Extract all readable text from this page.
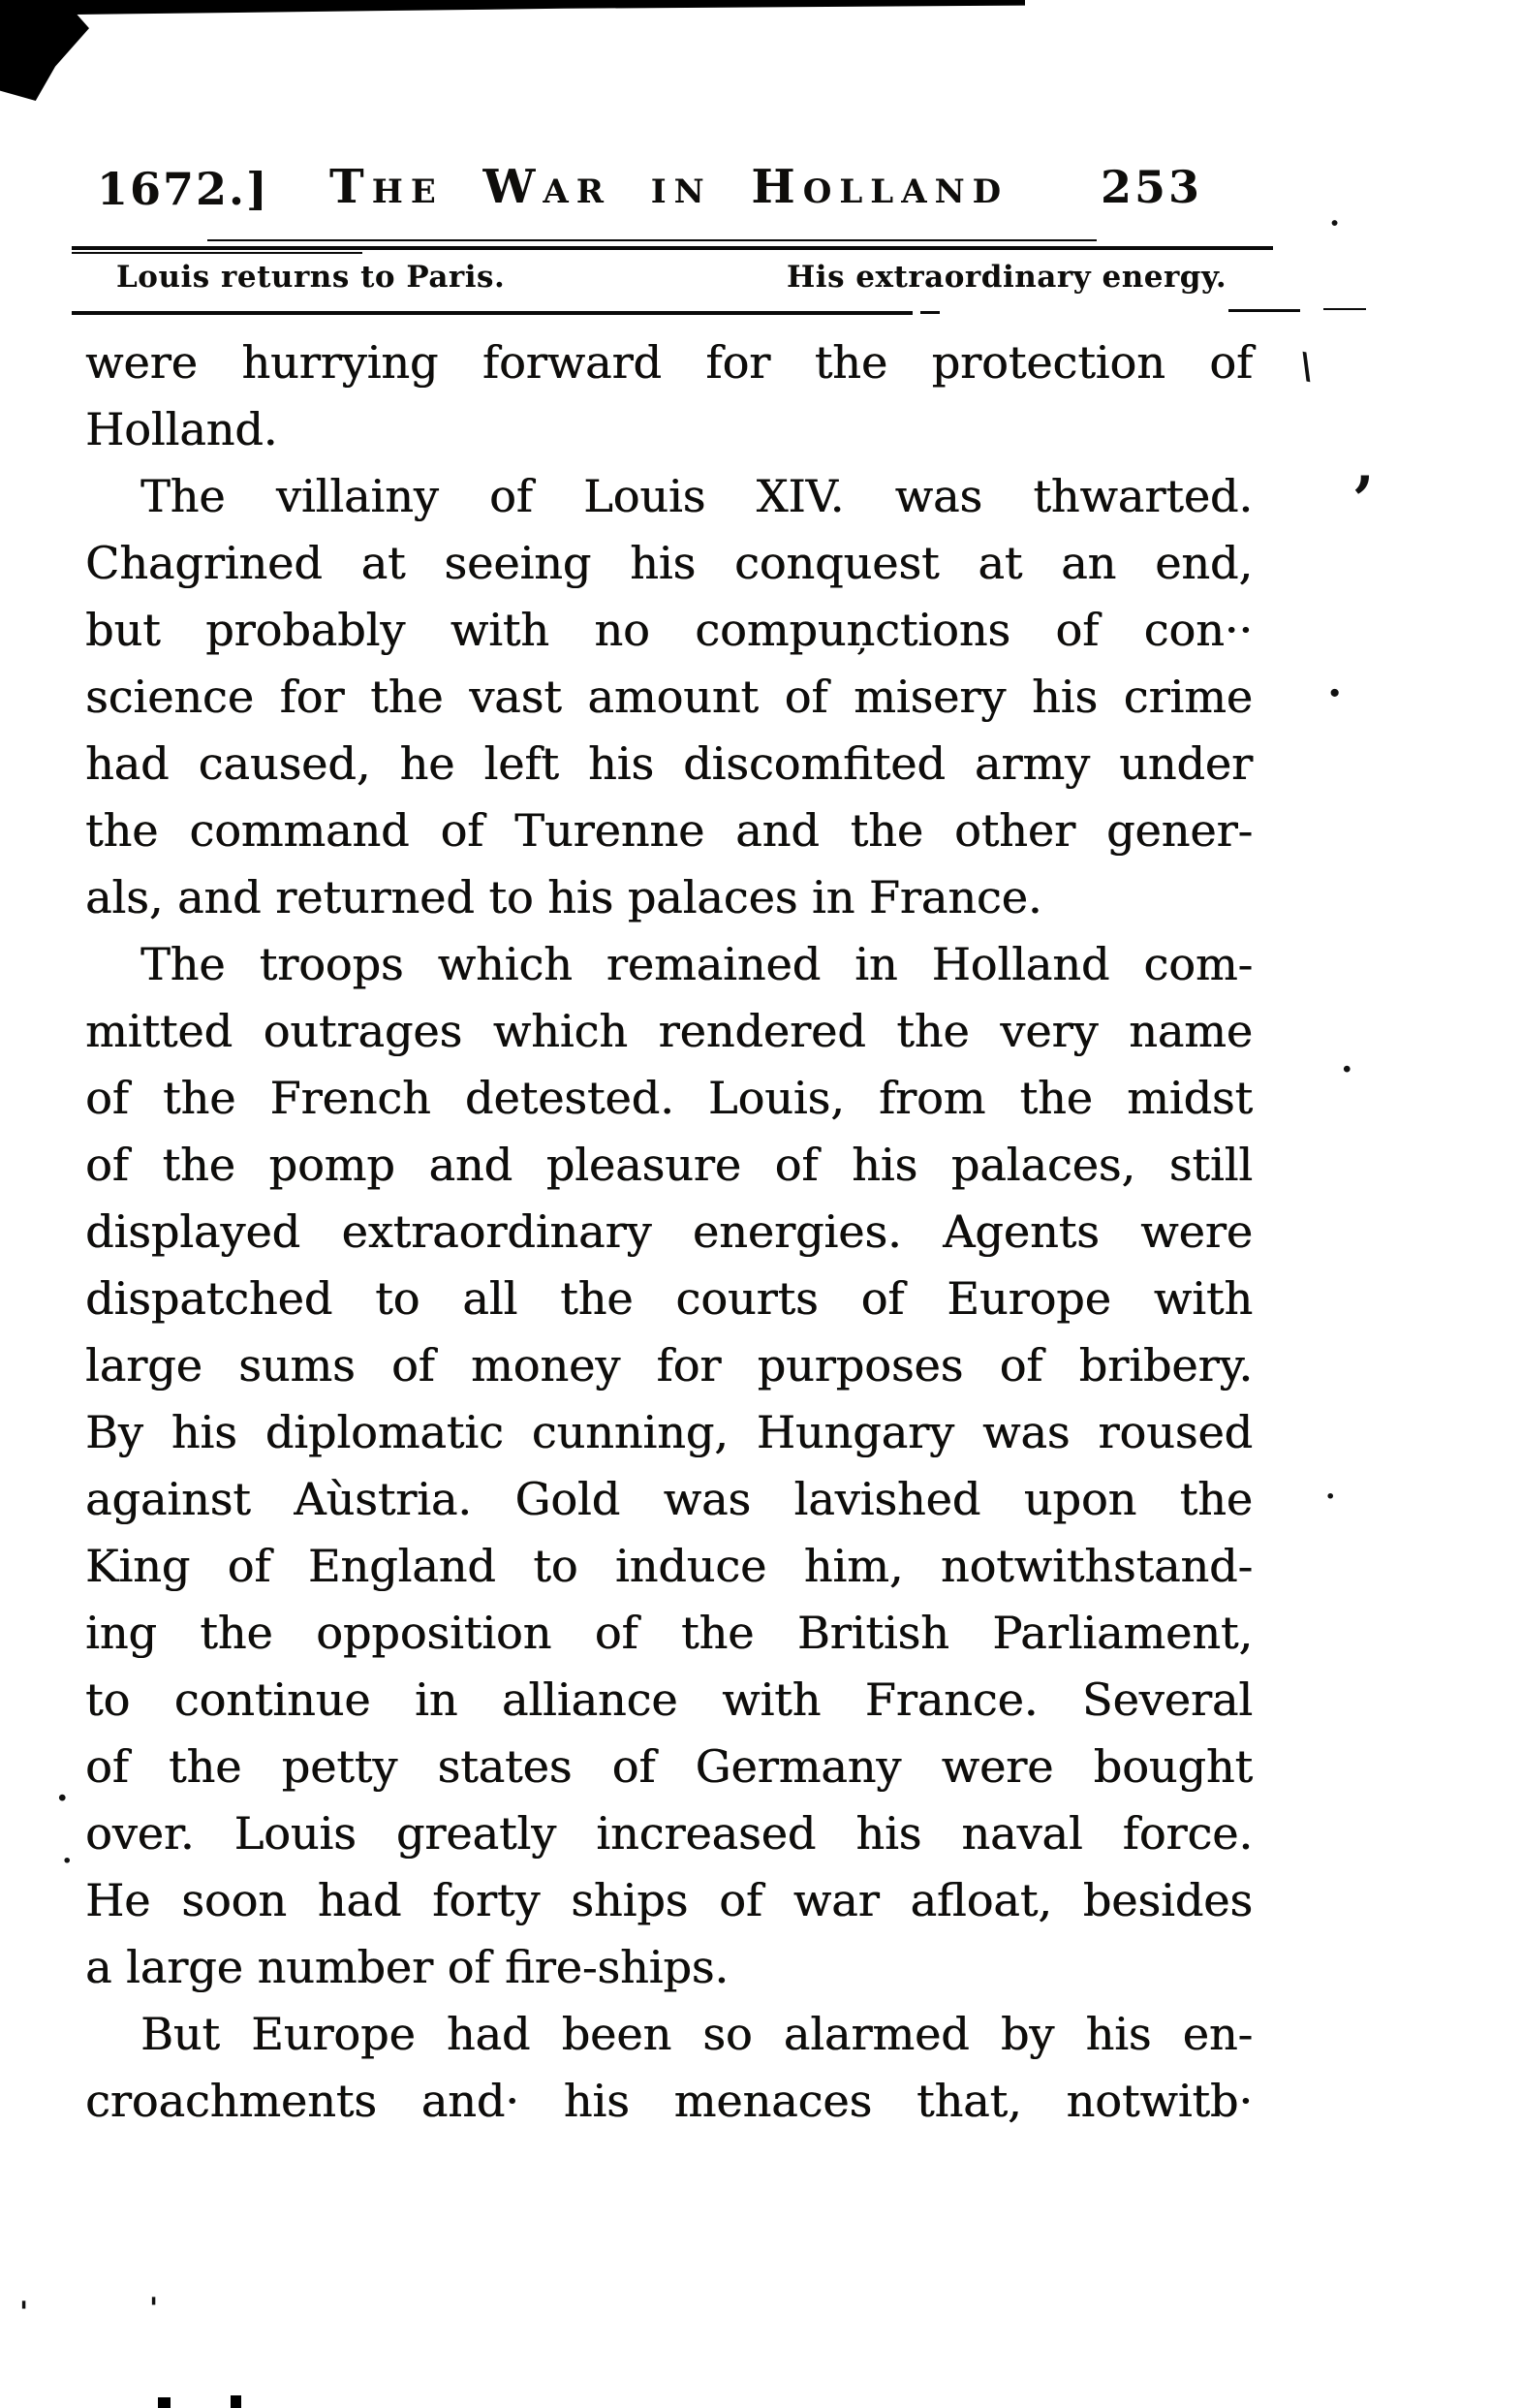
1672.] The War in Holland 253
Louis returns to Paris.	His extraordinary energy.
were hurrying forward for the protection of
Holland.
The villainy of Louis XIV. was thwarted.
Chagrined at seeing his conquest at an end,
but probably with no compuņctions of con··
science for the vast amount of misery his crime
had caused, he left his discomfited army under
the command of Turenne and the other gener-
als, and returned to his palaces in France.
The troops which remained in Holland com-
mitted outrages which rendered the very name
of the French detested. Louis, from the midst
of the pomp and pleasure of his palaces, still
displayed extraordinary energies. Agents were
dispatched to all the courts of Europe with
large sums of money for purposes of bribery.
By his diplomatic cunning, Hungary was roused
against Aùstria. Gold was lavished upon the
King of England to induce him, notwithstand-
ing the opposition of the British Parliament,
to continue in alliance with France. Several
of the petty states of Germany were bought
over. Louis greatly increased his naval force.
He soon had forty ships of war afloat, besides
a large number of fire-ships.
But Europe had been so alarmed by his en-
croachments and· his menaces that, notwitb·
\
,
·
·
·
·
·
·
'	'
